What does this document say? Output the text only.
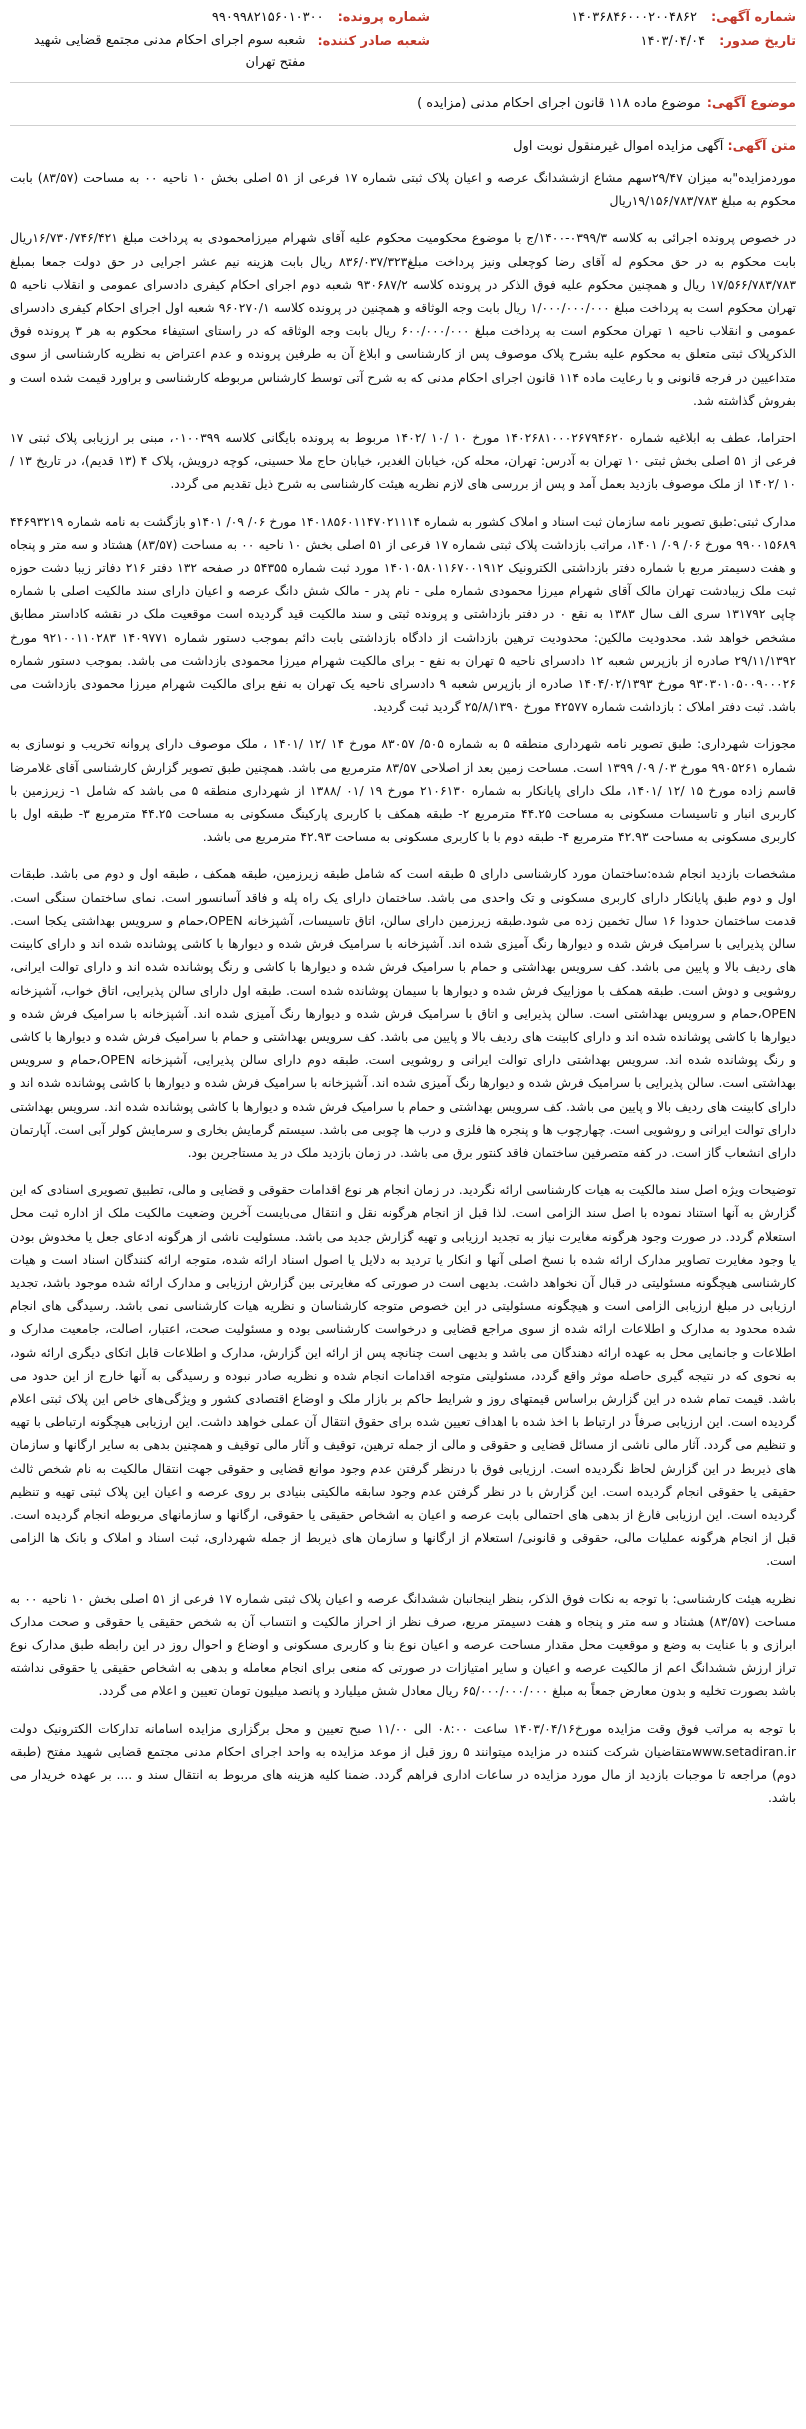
شماره آگهی:
۱۴۰۳۶۸۴۶۰۰۰۲۰۰۴۸۶۲
تاریخ صدور:
۱۴۰۳/۰۴/۰۴
شماره پرونده:
۹۹۰۹۹۸۲۱۵۶۰۱۰۳۰۰
شعبه صادر کننده:
شعبه سوم اجرای احکام مدنی مجتمع قضایی شهید مفتح تهران
موضوع آگهی:
موضوع ماده ۱۱۸ قانون اجرای احکام مدنی (مزایده )
متن آگهی: آگهی مزایده اموال غیرمنقول نوبت اول

موردمزایده"به میزان ۲۹/۴۷سهم مشاع ازششدانگ عرصه و اعیان پلاک ثبتی شماره ۱۷ فرعی از ۵۱ اصلی بخش ۱۰ ناحیه ۰۰ به مساحت (۸۳/۵۷) بابت محکوم به مبلغ ۱۹/۱۵۶/۷۸۳/۷۸۳ریال

در خصوص پرونده اجرائی به کلاسه ۰۳۹۹/۳-۱۴۰۰/ج با موضوع محکومیت محکوم علیه آقای شهرام میرزامحمودی به پرداخت مبلغ ۱۶/۷۳۰/۷۴۶/۴۲۱ریال بابت محکوم به در حق محکوم له آقای رضا کوچعلی ونیز پرداخت مبلغ۸۳۶/۰۳۷/۳۲۳ ریال بابت هزینه نیم عشر اجرایی در حق دولت جمعا بمبلغ ۱۷/۵۶۶/۷۸۳/۷۸۳ ریال و همچنین محکوم علیه فوق الذکر در پرونده کلاسه ۹۳۰۶۸۷/۲ شعبه دوم اجرای احکام کیفری دادسرای عمومی و انقلاب ناحیه ۵ تهران محکوم است به پرداخت مبلغ ۱/۰۰۰/۰۰۰/۰۰۰ ریال بابت وجه الوثاقه و همچنین در پرونده کلاسه ۹۶۰۲۷۰/۱ شعبه اول اجرای احکام کیفری دادسرای عمومی و انقلاب ناحیه ۱ تهران محکوم است به پرداخت مبلغ ۶۰۰/۰۰۰/۰۰۰ ریال بابت وجه الوثاقه که در راستای استیفاء محکوم به هر ۳ پرونده فوق الذکرپلاک ثبتی متعلق به محکوم علیه بشرح پلاک موصوف پس از کارشناسی و ابلاغ آن به طرفین پرونده و عدم اعتراض به نظریه کارشناسی از سوی متداعیین در فرجه قانونی و با رعایت ماده ۱۱۴ قانون اجرای احکام مدنی که به شرح آتی توسط کارشناس مربوطه کارشناسی و براورد قیمت شده است و بفروش گذاشته شد.

احتراما، عطف به ابلاغیه شماره ۱۴۰۲۶۸۱۰۰۰۲۶۷۹۴۶۲۰ مورخ ۱۰ /۱۰ /۱۴۰۲ مربوط به پرونده بایگانی کلاسه ۰۱۰۰۳۹۹، مبنی بر ارزیابی پلاک ثبتی ۱۷ فرعی از ۵۱ اصلی بخش ثبتی ۱۰ تهران به آدرس: تهران، محله کن، خیابان الغدیر، خیابان حاج ملا حسینی، کوچه درویش، پلاک ۴ (۱۳ قدیم)، در تاریخ ۱۳ /۱۰ /۱۴۰۲ از ملک موصوف بازدید بعمل آمد و پس از بررسی های لازم نظریه هیئت کارشناسی به شرح ذیل تقدیم می گردد.

مدارک ثبتی:طبق تصویر نامه سازمان ثبت اسناد و املاک کشور به شماره ۱۴۰۱۸۵۶۰۱۱۴۷۰۲۱۱۱۴ مورخ ۰۶/ ۰۹/ ۱۴۰۱و بازگشت به نامه شماره ۴۴۶۹۳۲۱۹ ۹۹۰۰۱۵۶۸۹ مورخ ۰۶/ ۰۹/ ۱۴۰۱، مراتب بازداشت پلاک ثبتی شماره ۱۷ فرعی از ۵۱ اصلی بخش ۱۰ ناحیه ۰۰ به مساحت (۸۳/۵۷) هشتاد و سه متر و پنجاه و هفت دسیمتر مربع با شماره دفتر بازداشتی الکترونیک ۱۴۰۱۰۵۸۰۱۱۶۷۰۰۱۹۱۲ مورد ثبت شماره ۵۴۳۵۵ در صفحه ۱۳۲ دفتر ۲۱۶ دفاتر زیبا دشت حوزه ثبت ملک زیبادشت تهران مالک آقای شهرام میرزا محمودی شماره ملی - نام پدر - مالک شش دانگ عرصه و اعیان دارای سند مالکیت اصلی با شماره چاپی ۱۳۱۷۹۲ سری الف سال ۱۳۸۳ به نقع ۰ در دفتر بازداشتی و پرونده ثبتی و سند مالکیت قید گردیده است موقعیت ملک در نقشه کاداستر مطابق مشخص خواهد شد. محدودیت مالکین: محدودیت ترهین بازداشت از دادگاه بازداشتی بابت دائم بموجب دستور شماره ۱۴۰۹۷۷۱ ۹۲۱۰۰۱۱۰۲۸۳ مورخ ۲۹/۱۱/۱۳۹۲ صادره از بازپرس شعبه ۱۲ دادسرای ناحیه ۵ تهران به نفع - برای مالکیت شهرام میرزا محمودی بازداشت می باشد. بموجب دستور شماره ۹۳۰۳۰۱۰۵۰۰۹۰۰۰۲۶ مورخ ۱۴۰۴/۰۲/۱۳۹۳ صادره از بازپرس شعبه ۹ دادسرای ناحیه یک تهران به نفع برای مالکیت شهرام میرزا محمودی بازداشت می باشد. ثبت دفتر املاک : بازداشت شماره ۴۲۵۷۷ مورخ ۲۵/۸/۱۳۹۰ گردید ثبت گردید.

مجوزات شهرداری: طبق تصویر نامه شهرداری منطقه ۵ به شماره ۵۰۵/ ۸۳۰۵۷ مورخ ۱۴ /۱۲ /۱۴۰۱ ، ملک موصوف دارای پروانه تخریب و نوسازی به شماره ۹۹۰۵۲۶۱ مورخ ۰۳/ ۰۹/ ۱۳۹۹ است. مساحت زمین بعد از اصلاحی ۸۳/۵۷ مترمربع می باشد. همچنین طبق تصویر گزارش کارشناسی آقای غلامرضا قاسم زاده مورخ ۱۵ /۱۲ /۱۴۰۱، ملک دارای پایانکار به شماره ۲۱۰۶۱۳۰ مورخ ۱۹ /۰۱ /۱۳۸۸ از شهرداری منطقه ۵ می باشد که شامل ۱- زیرزمین با کاربری انبار و تاسیسات مسکونی به مساحت ۴۴.۲۵ مترمربع ۲- طبقه همکف با کاربری پارکینگ مسکونی به مساحت ۴۴.۲۵ مترمربع ۳- طبقه اول با کاربری مسکونی به مساحت ۴۲.۹۳ مترمربع ۴- طبقه دوم با با کاربری مسکونی به مساحت ۴۲.۹۳ مترمربع می باشد.

مشخصات بازدید انجام شده:ساختمان مورد کارشناسی دارای ۵ طبقه است که شامل طبقه زیرزمین، طبقه همکف ، طبقه اول و دوم می باشد. طبقات اول و دوم طبق پایانکار دارای کاربری مسکونی و تک واحدی می باشد. ساختمان دارای یک راه پله و فاقد آسانسور است. نمای ساختمان سنگی است. قدمت ساختمان حدودا ۱۶ سال تخمین زده می شود.طبقه زیرزمین دارای سالن، اتاق تاسیسات، آشپزخانه OPEN،حمام و سرویس بهداشتی یکجا است. سالن پذیرایی با سرامیک فرش شده و دیوارها رنگ آمیزی شده اند. آشپزخانه با سرامیک فرش شده و دیوارها با کاشی پوشانده شده اند و دارای کابینت های ردیف بالا و پایین می باشد. کف سرویس بهداشتی و حمام با سرامیک فرش شده و دیوارها با کاشی و رنگ پوشانده شده اند و دارای توالت ایرانی، روشویی و دوش است. طبقه همکف با موزاییک فرش شده و دیوارها با سیمان پوشانده شده است. طبقه اول دارای سالن پذیرایی، اتاق خواب، آشپزخانه OPEN،حمام و سرویس بهداشتی است. سالن پذیرایی و اتاق با سرامیک فرش شده و دیوارها رنگ آمیزی شده اند. آشپزخانه با سرامیک فرش شده و دیوارها با کاشی پوشانده شده اند و دارای کابینت های ردیف بالا و پایین می باشد. کف سرویس بهداشتی و حمام با سرامیک فرش شده و دیوارها با کاشی و رنگ پوشانده شده اند. سرویس بهداشتی دارای توالت ایرانی و روشویی است. طبقه دوم دارای سالن پذیرایی، آشپزخانه OPEN،حمام و سرویس بهداشتی است. سالن پذیرایی با سرامیک فرش شده و دیوارها رنگ آمیزی شده اند. آشپزخانه با سرامیک فرش شده و دیوارها با کاشی پوشانده شده اند و دارای کابینت های ردیف بالا و پایین می باشد. کف سرویس بهداشتی و حمام با سرامیک فرش شده و دیوارها با کاشی پوشانده شده اند. سرویس بهداشتی دارای توالت ایرانی و روشویی است. چهارچوب ها و پنجره ها فلزی و درب ها چوبی می باشد. سیستم گرمایش بخاری و سرمایش کولر آبی است. آپارتمان دارای انشعاب گاز است. در کفه متصرفین ساختمان فاقد کنتور برق می باشد. در زمان بازدید ملک در ید مستاجرین بود.

توضیحات ویژه اصل سند مالکیت به هیات کارشناسی ارائه نگردید. در زمان انجام هر نوع اقدامات حقوقی و قضایی و مالی، تطبیق تصویری اسنادی که این گزارش به آنها استناد نموده با اصل سند الزامی است. لذا قبل از انجام هرگونه نقل و انتقال می‌بایست آخرین وضعیت مالکیت ملک از اداره ثبت محل استعلام گردد. در صورت وجود هرگونه مغایرت نیاز به تجدید ارزیابی و تهیه گزارش جدید می باشد. مسئولیت ناشی از هرگونه ادعای جعل یا مخدوش بودن یا وجود مغایرت تصاویر مدارک ارائه شده با نسخ اصلی آنها و انکار یا تردید به دلایل یا اصول اسناد ارائه شده، متوجه ارائه کنندگان اسناد است و هیات کارشناسی هیچگونه مسئولیتی در قبال آن نخواهد داشت. بدیهی است در صورتی که مغایرتی بین گزارش ارزیابی و مدارک ارائه شده موجود باشد، تجدید ارزیابی در مبلغ ارزیابی الزامی است و هیچگونه مسئولیتی در این خصوص متوجه کارشناسان و نظریه هیات کارشناسی نمی باشد. رسیدگی های انجام شده محدود به مدارک و اطلاعات ارائه شده از سوی مراجع قضایی و درخواست کارشناسی بوده و مسئولیت صحت، اعتبار، اصالت، جامعیت مدارک و اطلاعات و جانمایی محل به عهده ارائه دهندگان می باشد و بدیهی است چنانچه پس از ارائه این گزارش، مدارک و اطلاعات قابل اتکای دیگری ارائه شود، به نحوی که در نتیجه گیری حاصله موثر واقع گردد، مسئولیتی متوجه اقدامات انجام شده و نظریه صادر نبوده و رسیدگی به آنها خارج از این حدود می باشد. قیمت تمام شده در این گزارش براساس قیمتهای روز و شرایط حاکم بر بازار ملک و اوضاع اقتصادی کشور و ویژگی‌های خاص این پلاک ثبتی اعلام گردیده است. این ارزیابی صرفاً در ارتباط با اخذ شده با اهداف تعیین شده برای حقوق انتقال آن عملی خواهد داشت. این ارزیابی هیچگونه ارتباطی با تهیه و تنظیم می گردد. آثار مالی ناشی از مسائل قضایی و حقوقی و مالی از جمله ترهین، توقیف و آثار مالی توقیف و همچنین بدهی به سایر ارگانها و سازمان های ذیربط در این گزارش لحاظ نگردیده است. ارزیابی فوق با درنظر گرفتن عدم وجود موانع قضایی و حقوقی جهت انتقال مالکیت به نام شخص ثالث حقیقی یا حقوقی انجام گردیده است. این گزارش با در نظر گرفتن عدم وجود سابقه مالکیتی بنیادی بر روی عرصه و اعیان این پلاک ثبتی تهیه و تنظیم گردیده است. این ارزیابی فارغ از بدهی های احتمالی بابت عرصه و اعیان به اشخاص حقیقی یا حقوقی، ارگانها و سازمانهای مربوطه انجام گردیده است. قبل از انجام هرگونه عملیات مالی، حقوقی و قانونی/ استعلام از ارگانها و سازمان های ذیربط از جمله شهرداری، ثبت اسناد و املاک و بانک ها الزامی است.

نظریه هیئت کارشناسی: با توجه به نکات فوق الذکر، بنظر اینجانبان ششدانگ عرصه و اعیان پلاک ثبتی شماره ۱۷ فرعی از ۵۱ اصلی بخش ۱۰ ناحیه ۰۰ به مساحت (۸۳/۵۷) هشتاد و سه متر و پنجاه و هفت دسیمتر مربع، صرف نظر از احراز مالکیت و انتساب آن به شخص حقیقی یا حقوقی و صحت مدارک ابرازی و با عنایت به وضع و موقعیت محل مقدار مساحت عرصه و اعیان نوع بنا و کاربری مسکونی و اوضاع و احوال روز در این رابطه طبق مدارک نوع تراز ارزش ششدانگ اعم از مالکیت عرصه و اعیان و سایر امتیازات در صورتی که منعی برای انجام معامله و بدهی به اشخاص حقیقی یا حقوقی نداشته باشد بصورت تخلیه و بدون معارض جمعاً به مبلغ ۶۵/۰۰۰/۰۰۰/۰۰۰ ریال معادل شش میلیارد و پانصد میلیون تومان تعیین و اعلام می گردد.

با توجه به مراتب فوق وقت مزایده مورخ۱۴۰۳/۰۴/۱۶ ساعت ۰۸:۰۰ الی ۱۱/۰۰ صبح تعیین و محل برگزاری مزایده اسامانه تدارکات الکترونیک دولت www.setadiran.irمتقاضیان شرکت کننده در مزایده میتوانند ۵ روز قبل از موعد مزایده به واحد اجرای احکام مدنی مجتمع قضایی شهید مفتح (طبقه دوم) مراجعه تا موجبات بازدید از مال مورد مزایده در ساعات اداری فراهم گردد. ضمنا کلیه هزینه های مربوط به انتقال سند و .... بر عهده خریدار می باشد.
